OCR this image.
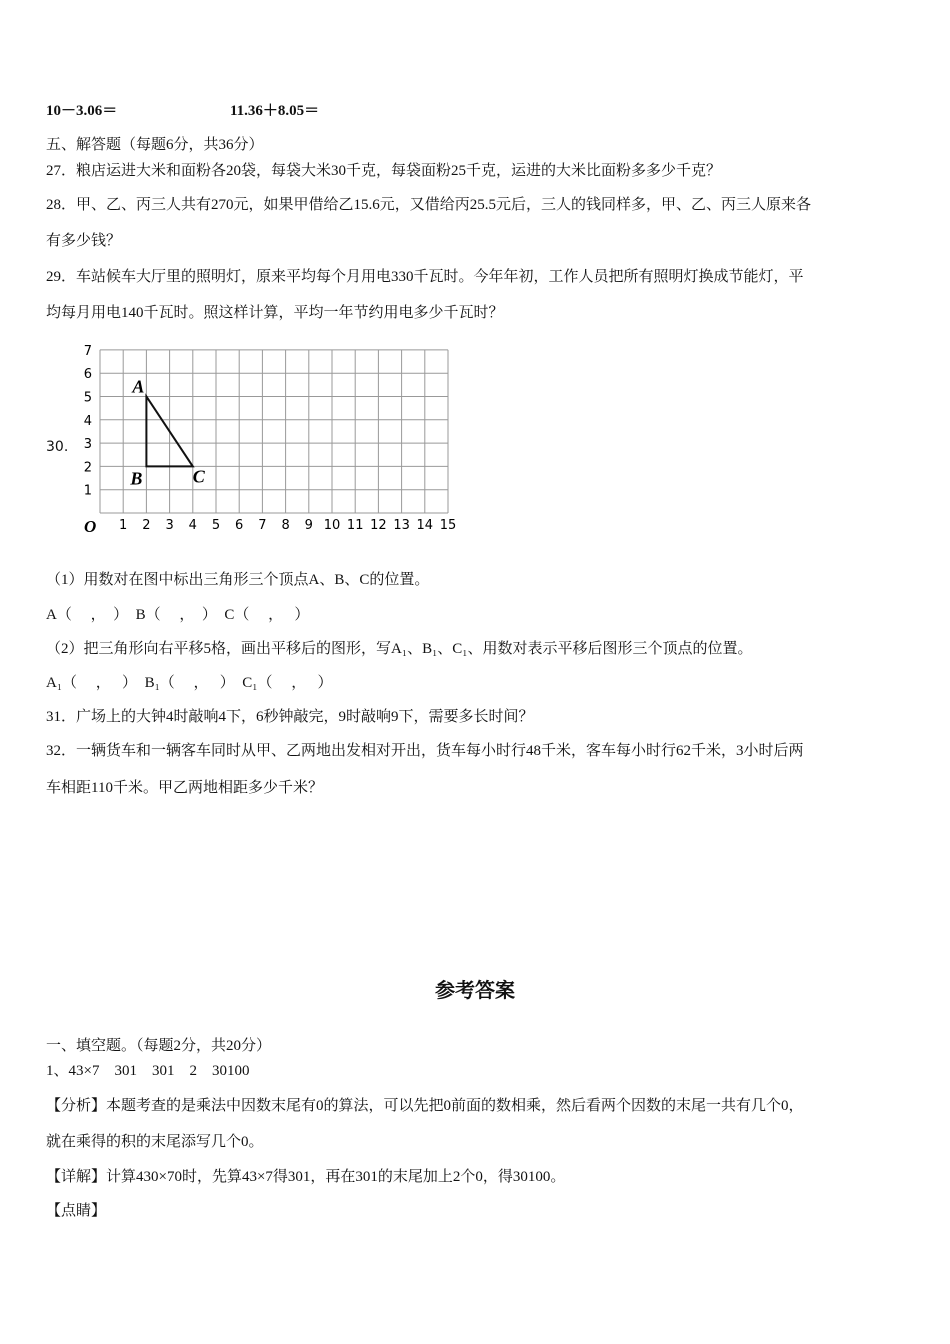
10－3.06＝	11.36＋8.05＝
五、解答题（每题6分，共36分）
27．粮店运进大米和面粉各20袋，每袋大米30千克，每袋面粉25千克，运进的大米比面粉多多少千克？
28．甲、乙、丙三人共有270元，如果甲借给乙15.6元，又借给丙25.5元后，三人的钱同样多，甲、乙、丙三人原来各
有多少钱？
29．车站候车大厅里的照明灯，原来平均每个月用电330千瓦时。今年年初，工作人员把所有照明灯换成节能灯，平
均每月用电140千瓦时。照这样计算，平均一年节约用电多少千瓦时？
30.
1 2 3 4 5 6 7 8 9 10 11 12 13 14 15
1
2
3
4
5
6
7
O
A
B	C
（1）用数对在图中标出三角形三个顶点A、B、C的位置。
A（　 ，　）　B（　 ，　）　C（　 ，　 ）
（2）把三角形向右平移5格，画出平移后的图形，写A₁、B₁、C₁、用数对表示平移后图形三个顶点的位置。
A₁（　 ，　 ）　B₁（　 ，　 ）　C₁（　 ，　 ）
31．广场上的大钟4时敲响4下，6秒钟敲完，9时敲响9下，需要多长时间？
32．一辆货车和一辆客车同时从甲、乙两地出发相对开出，货车每小时行48千米，客车每小时行62千米，3小时后两
车相距110千米。甲乙两地相距多少千米？
参考答案
一、填空题。（每题2分，共20分）
1、43×7　301　301　2　30100
【分析】本题考查的是乘法中因数末尾有0的算法，可以先把0前面的数相乘，然后看两个因数的末尾一共有几个0，
就在乘得的积的末尾添写几个0。
【详解】计算430×70时，先算43×7得301，再在301的末尾加上2个0，得30100。
【点睛】
